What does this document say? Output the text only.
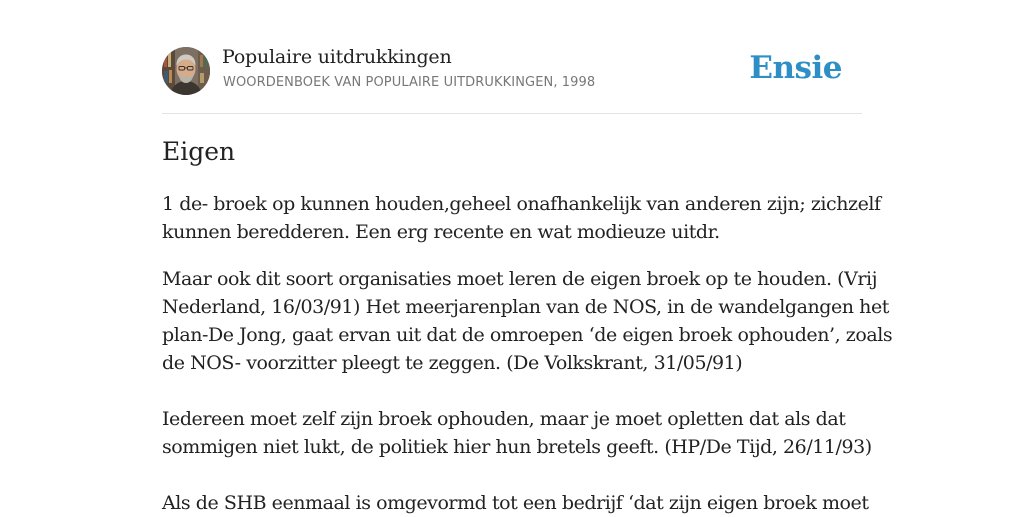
Populaire uitdrukkingen
WOORDENBOEK VAN POPULAIRE UITDRUKKINGEN, 1998	Ensie
Eigen
1 de- broek op kunnen houden,geheel onafhankelijk van anderen zijn; zichzelf
kunnen beredderen. Een erg recente en wat modieuze uitdr.
Maar ook dit soort organisaties moet leren de eigen broek op te houden. (Vrij
Nederland, 16/03/91) Het meerjarenplan van de NOS, in de wandelgangen het
plan-De Jong, gaat ervan uit dat de omroepen ‘de eigen broek ophouden’, zoals
de NOS- voorzitter pleegt te zeggen. (De Volkskrant, 31/05/91)
Iedereen moet zelf zijn broek ophouden, maar je moet opletten dat als dat
sommigen niet lukt, de politiek hier hun bretels geeft. (HP/De Tijd, 26/11/93)
Als de SHB eenmaal is omgevormd tot een bedrijf ‘dat zijn eigen broek moet
